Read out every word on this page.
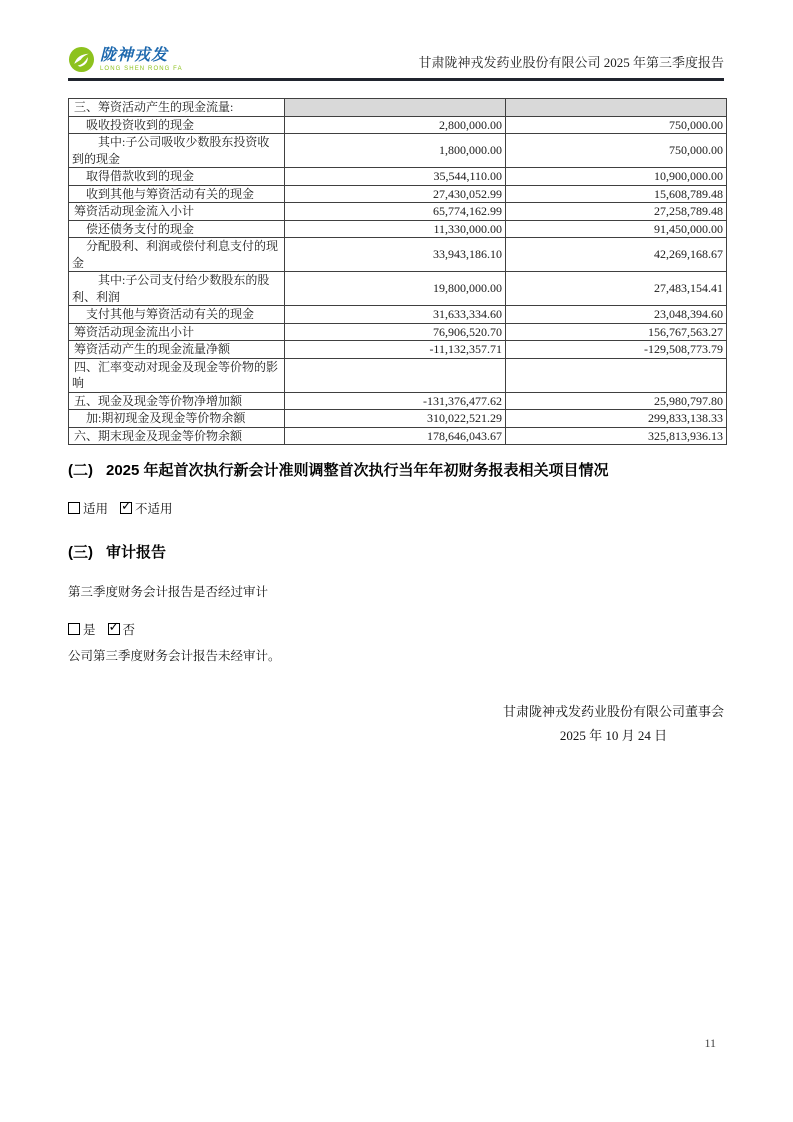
陇神戎发
LONG SHEN RONG FA	甘肃陇神戎发药业股份有限公司 2025 年第三季度报告
三、筹资活动产生的现金流量:		
吸收投资收到的现金	2,800,000.00	750,000.00
其中:子公司吸收少数股东投资收到的现金	1,800,000.00	750,000.00
取得借款收到的现金	35,544,110.00	10,900,000.00
收到其他与筹资活动有关的现金	27,430,052.99	15,608,789.48
筹资活动现金流入小计	65,774,162.99	27,258,789.48
偿还债务支付的现金	11,330,000.00	91,450,000.00
分配股利、利润或偿付利息支付的现金	33,943,186.10	42,269,168.67
其中:子公司支付给少数股东的股利、利润	19,800,000.00	27,483,154.41
支付其他与筹资活动有关的现金	31,633,334.60	23,048,394.60
筹资活动现金流出小计	76,906,520.70	156,767,563.27
筹资活动产生的现金流量净额	-11,132,357.71	-129,508,773.79
四、汇率变动对现金及现金等价物的影响		
五、现金及现金等价物净增加额	-131,376,477.62	25,980,797.80
加:期初现金及现金等价物余额	310,022,521.29	299,833,138.33
六、期末现金及现金等价物余额	178,646,043.67	325,813,936.13
(二) 2025 年起首次执行新会计准则调整首次执行当年年初财务报表相关项目情况

适用 ✓ 不适用

(三) 审计报告

第三季度财务会计报告是否经过审计

是 ✓ 否

公司第三季度财务会计报告未经审计。

甘肃陇神戎发药业股份有限公司董事会
2025 年 10 月 24 日
11
